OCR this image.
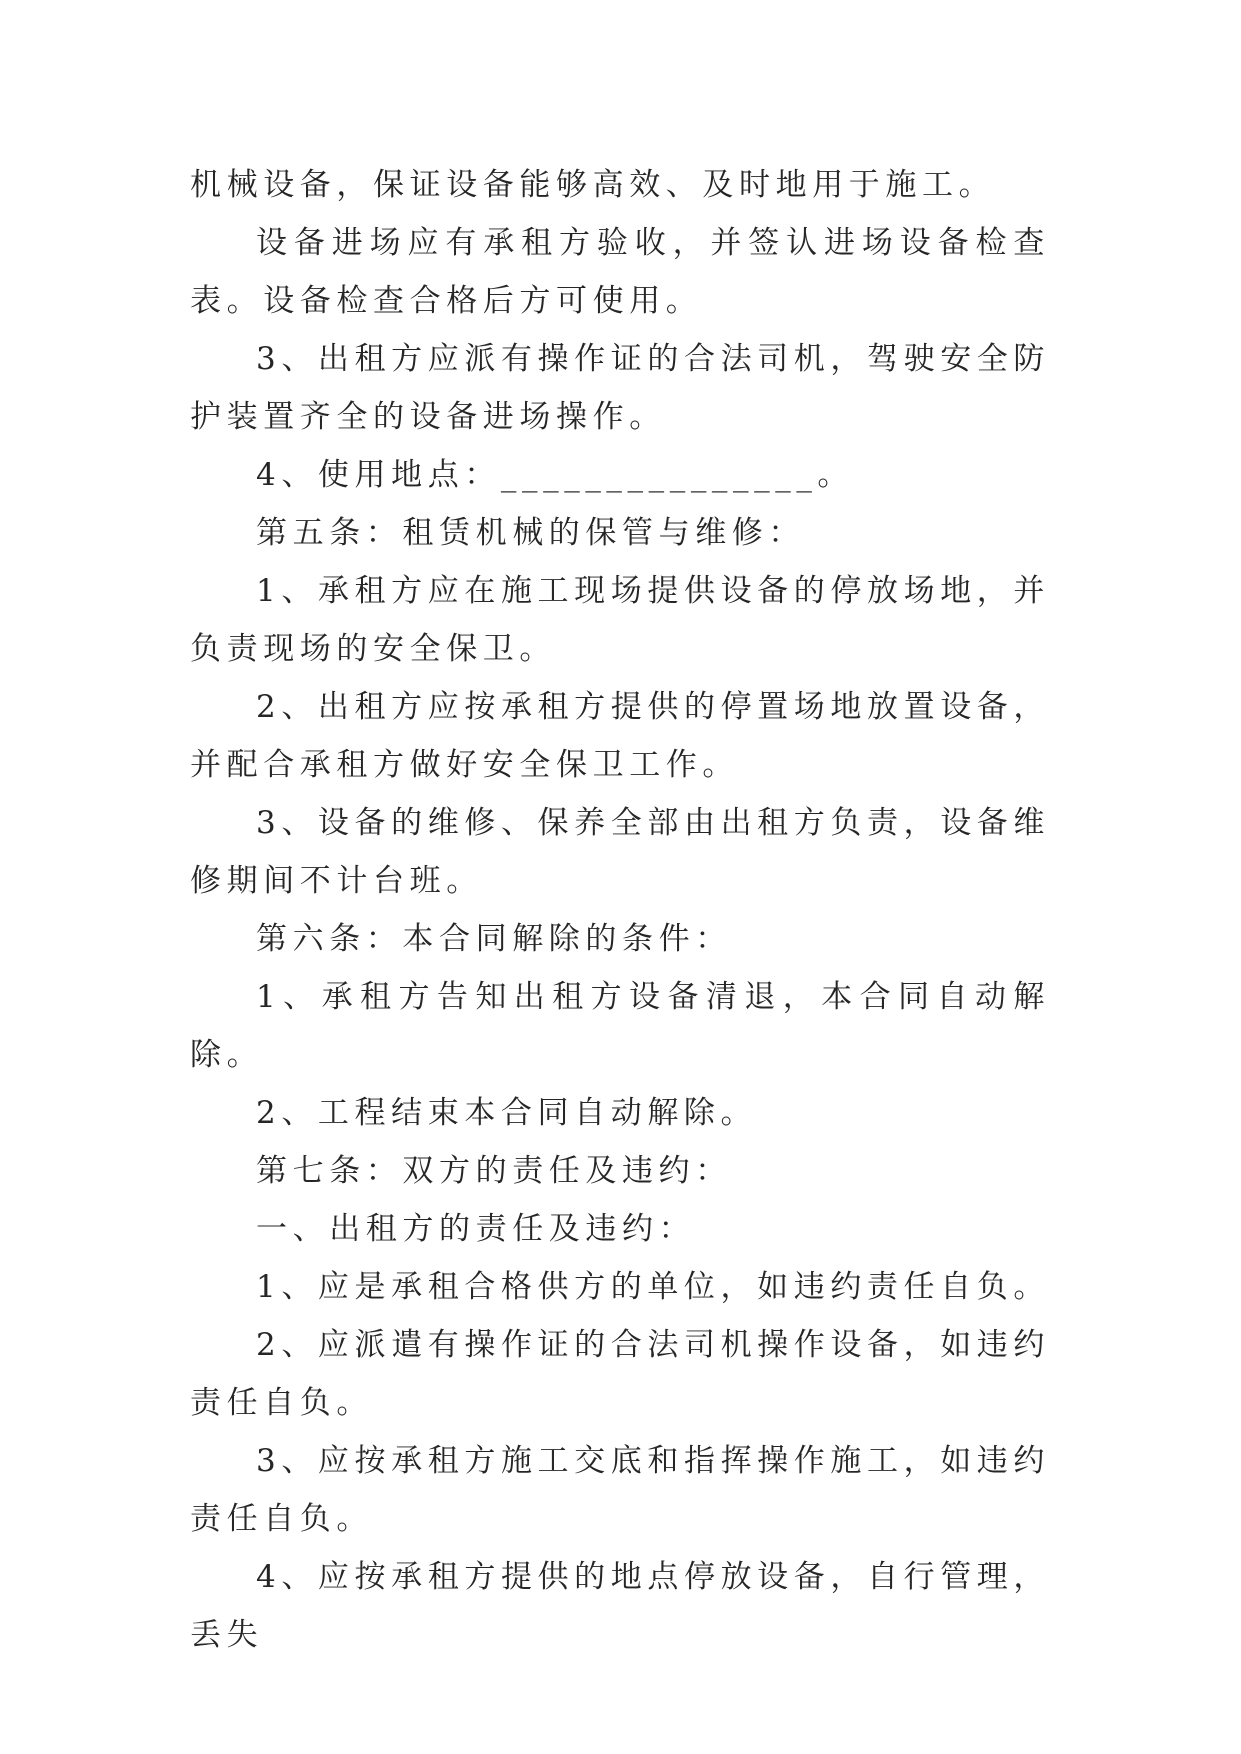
机械设备，保证设备能够高效、及时地用于施工。

设备进场应有承租方验收，并签认进场设备检查表。设备检查合格后方可使用。

3、出租方应派有操作证的合法司机，驾驶安全防护装置齐全的设备进场操作。

4、使用地点：_______________。

第五条：租赁机械的保管与维修：

1、承租方应在施工现场提供设备的停放场地，并负责现场的安全保卫。

2、出租方应按承租方提供的停置场地放置设备，并配合承租方做好安全保卫工作。

3、设备的维修、保养全部由出租方负责，设备维修期间不计台班。

第六条：本合同解除的条件：

1、承租方告知出租方设备清退，本合同自动解除。

2、工程结束本合同自动解除。

第七条：双方的责任及违约：

一、出租方的责任及违约：

1、应是承租合格供方的单位，如违约责任自负。

2、应派遣有操作证的合法司机操作设备，如违约责任自负。

3、应按承租方施工交底和指挥操作施工，如违约责任自负。

4、应按承租方提供的地点停放设备，自行管理，丢失
